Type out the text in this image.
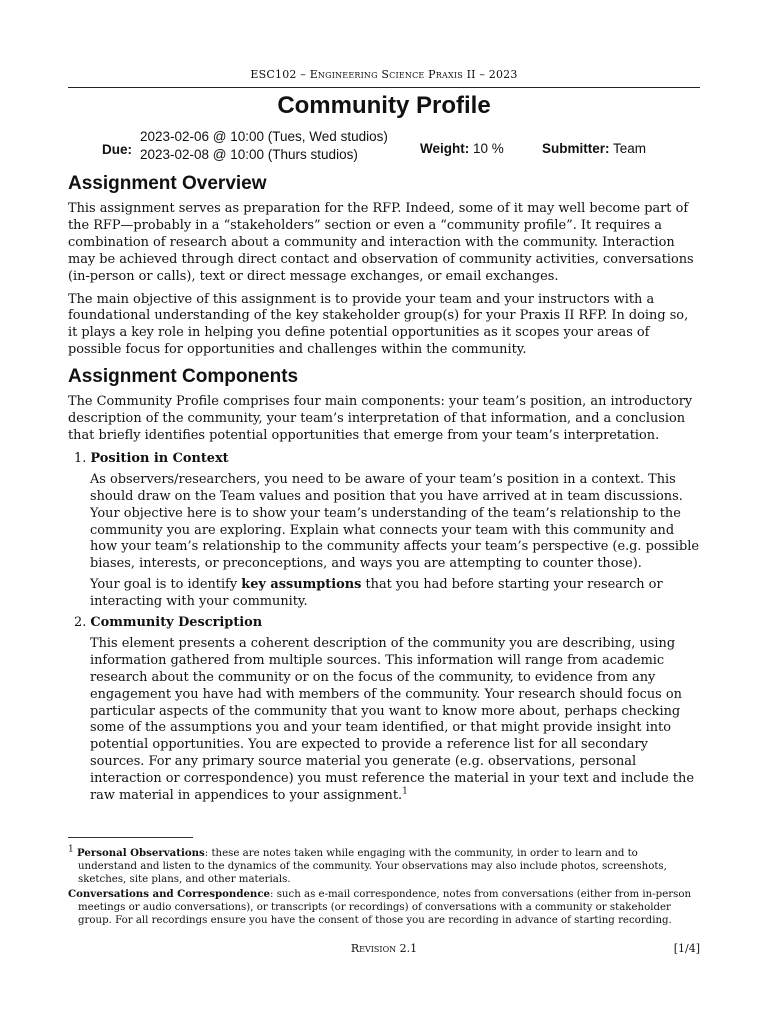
ESC102 – Engineering Science Praxis II – 2023
Community Profile
Due:
2023-02-06 @ 10:00 (Tues, Wed studios)
2023-02-08 @ 10:00 (Thurs studios)	Weight: 10 %	Submitter: Team
Assignment Overview

This assignment serves as preparation for the RFP. Indeed, some of it may well become part of the RFP—probably in a “stakeholders” section or even a “community profile”. It requires a combination of research about a community and interaction with the community. Interaction may be achieved through direct contact and observation of community activities, conversations (in-person or calls), text or direct message exchanges, or email exchanges.

The main objective of this assignment is to provide your team and your instructors with a foundational understanding of the key stakeholder group(s) for your Praxis II RFP. In doing so, it plays a key role in helping you define potential opportunities as it scopes your areas of possible focus for opportunities and challenges within the community.

Assignment Components

The Community Profile comprises four main components: your team’s position, an introductory description of the community, your team’s interpretation of that information, and a conclusion that briefly identifies potential opportunities that emerge from your team’s interpretation.

1. Position in Context

As observers/researchers, you need to be aware of your team’s position in a context. This should draw on the Team values and position that you have arrived at in team discussions. Your objective here is to show your team’s understanding of the team’s relationship to the community you are exploring. Explain what connects your team with this community and how your team’s relationship to the community affects your team’s perspective (e.g. possible biases, interests, or preconceptions, and ways you are attempting to counter those).

Your goal is to identify key assumptions that you had before starting your research or interacting with your community.

2. Community Description

This element presents a coherent description of the community you are describing, using information gathered from multiple sources. This information will range from academic research about the community or on the focus of the community, to evidence from any engagement you have had with members of the community. Your research should focus on particular aspects of the community that you want to know more about, perhaps checking some of the assumptions you and your team identified, or that might provide insight into potential opportunities. You are expected to provide a reference list for all secondary sources. For any primary source material you generate (e.g. observations, personal interaction or correspondence) you must reference the material in your text and include the raw material in appendices to your assignment.$^1$

$^1$ Personal Observations: these are notes taken while engaging with the community, in order to learn and to understand and listen to the dynamics of the community. Your observations may also include photos, screenshots, sketches, site plans, and other materials.

Conversations and Correspondence: such as e-mail correspondence, notes from conversations (either from in-person meetings or audio conversations), or transcripts (or recordings) of conversations with a community or stakeholder group. For all recordings ensure you have the consent of those you are recording in advance of starting recording.

Revision 2.1	[1/4]
